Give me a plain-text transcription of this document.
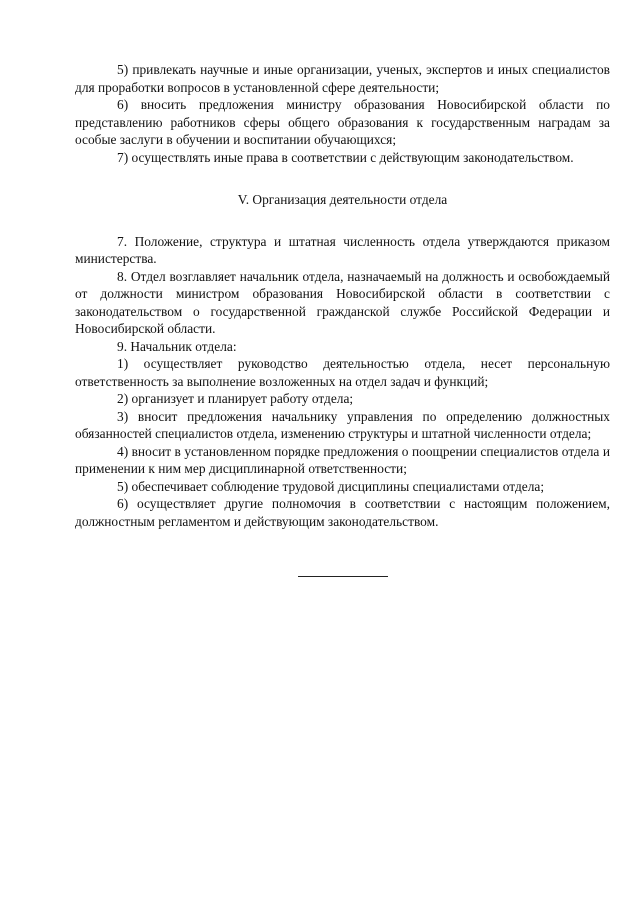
5) привлекать научные и иные организации, ученых, экспертов и иных специалистов для проработки вопросов в установленной сфере деятельности;

6) вносить предложения министру образования Новосибирской области по представлению работников сферы общего образования к государственным наградам за особые заслуги в обучении и воспитании обучающихся;

7) осуществлять иные права в соответствии с действующим законодательством.

V. Организация деятельности отдела

7. Положение, структура и штатная численность отдела утверждаются приказом министерства.

8. Отдел возглавляет начальник отдела, назначаемый на должность и освобождаемый от должности министром образования Новосибирской области в соответствии с законодательством о государственной гражданской службе Российской Федерации и Новосибирской области.

9. Начальник отдела:

1) осуществляет руководство деятельностью отдела, несет персональную ответственность за выполнение возложенных на отдел задач и функций;

2) организует и планирует работу отдела;

3) вносит предложения начальнику управления по определению должностных обязанностей специалистов отдела, изменению структуры и штатной численности отдела;

4) вносит в установленном порядке предложения о поощрении специалистов отдела и применении к ним мер дисциплинарной ответственности;

5) обеспечивает соблюдение трудовой дисциплины специалистами отдела;

6) осуществляет другие полномочия в соответствии с настоящим положением, должностным регламентом и действующим законодательством.
